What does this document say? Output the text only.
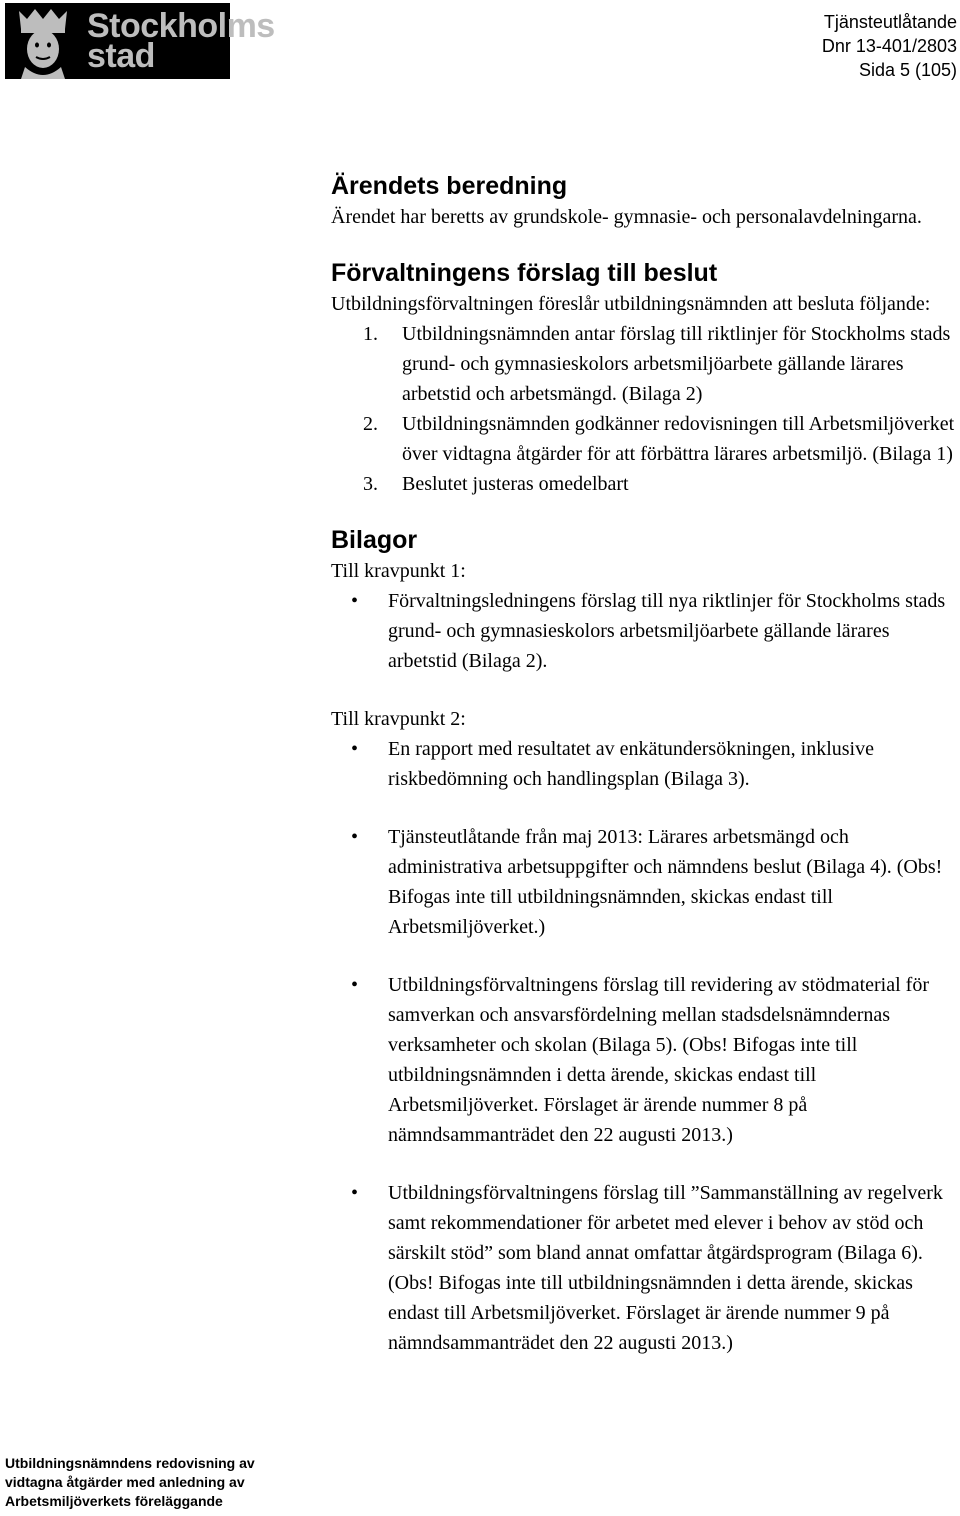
Stockholms
stad
Tjänsteutlåtande
Dnr 13-401/2803
Sida 5 (105)
Ärendets beredning

Ärendet har beretts av grundskole- gymnasie- och personalavdelningarna.

Förvaltningens förslag till beslut

Utbildningsförvaltningen föreslår utbildningsnämnden att besluta följande:

1. Utbildningsnämnden antar förslag till riktlinjer för Stockholms stads grund- och gymnasieskolors arbetsmiljöarbete gällande lärares arbetstid och arbetsmängd. (Bilaga 2)
2. Utbildningsnämnden godkänner redovisningen till Arbetsmiljöverket över vidtagna åtgärder för att förbättra lärares arbetsmiljö. (Bilaga 1)
3. Beslutet justeras omedelbart
Bilagor

Till kravpunkt 1:

• Förvaltningsledningens förslag till nya riktlinjer för Stockholms stads grund- och gymnasieskolors arbetsmiljöarbete gällande lärares arbetstid (Bilaga 2).

Till kravpunkt 2:

• En rapport med resultatet av enkätundersökningen, inklusive riskbedömning och handlingsplan (Bilaga 3).
• Tjänsteutlåtande från maj 2013: Lärares arbetsmängd och administrativa arbetsuppgifter och nämndens beslut (Bilaga 4). (Obs! Bifogas inte till utbildningsnämnden, skickas endast till Arbetsmiljöverket.)
• Utbildningsförvaltningens förslag till revidering av stödmaterial för samverkan och ansvarsfördelning mellan stadsdelsnämndernas verksamheter och skolan (Bilaga 5). (Obs! Bifogas inte till utbildningsnämnden i detta ärende, skickas endast till Arbetsmiljöverket. Förslaget är ärende nummer 8 på nämndsammanträdet den 22 augusti 2013.)
• Utbildningsförvaltningens förslag till ”Sammanställning av regelverk samt rekommendationer för arbetet med elever i behov av stöd och särskilt stöd” som bland annat omfattar åtgärdsprogram (Bilaga 6). (Obs! Bifogas inte till utbildningsnämnden i detta ärende, skickas endast till Arbetsmiljöverket. Förslaget är ärende nummer 9 på nämndsammanträdet den 22 augusti 2013.)
Utbildningsnämndens redovisning av
vidtagna åtgärder med anledning av
Arbetsmiljöverkets föreläggande
